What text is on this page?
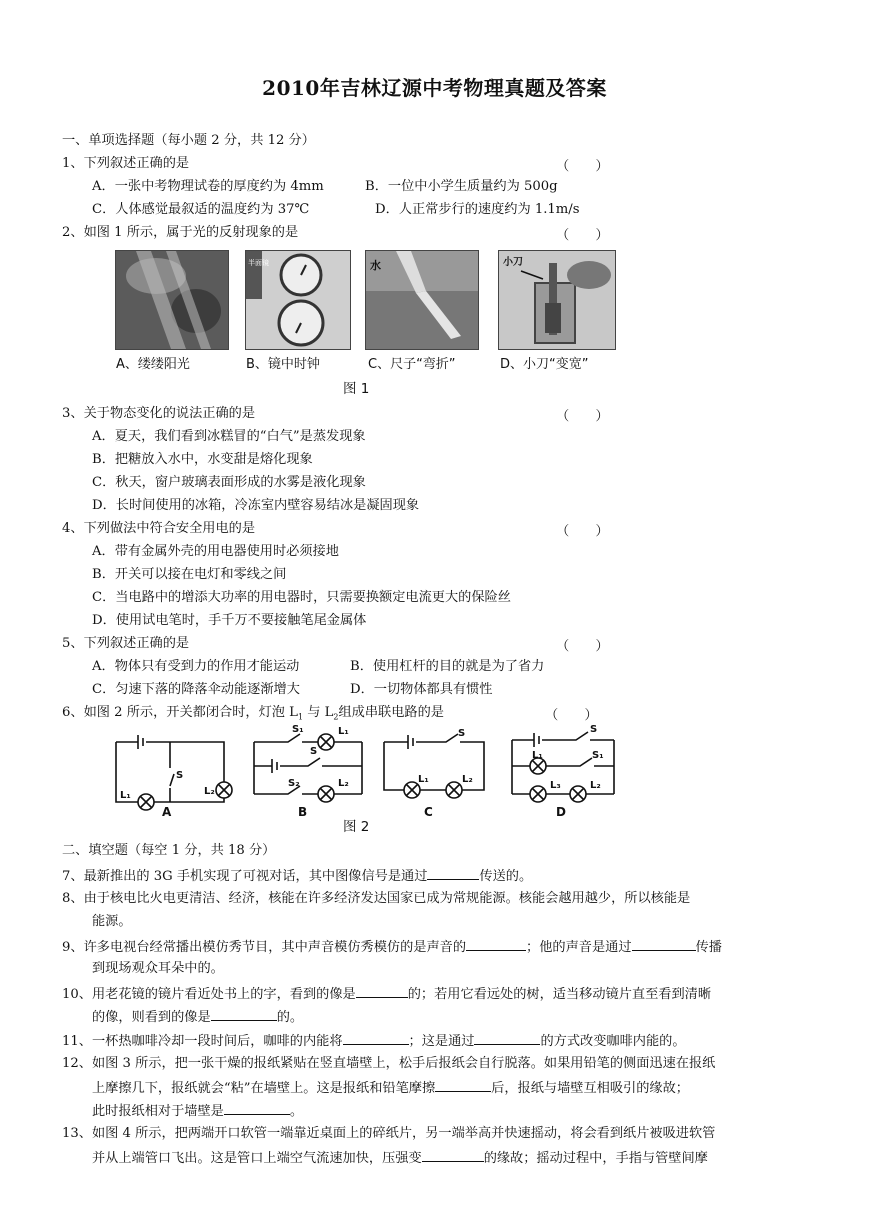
2010年吉林辽源中考物理真题及答案
一、单项选择题（每小题 2 分，共 12 分）
1、下列叙述正确的是	（　　）
A．一张中考物理试卷的厚度约为 4mm	B．一位中小学生质量约为 500g
C．人体感觉最叙适的温度约为 37℃	D．人正常步行的速度约为 1.1m/s
2、如图 1 所示，属于光的反射现象的是	（　　）
半面镜	水	小刀
A、缕缕阳光	B、镜中时钟	C、尺子“弯折”	D、小刀“变宽”
图 1
3、关于物态变化的说法正确的是	（　　）
A．夏天，我们看到冰糕冒的“白气”是蒸发现象
B．把糖放入水中，水变甜是熔化现象
C．秋天，窗户玻璃表面形成的水雾是液化现象
D．长时间使用的冰箱，冷冻室内壁容易结冰是凝固现象
4、下列做法中符合安全用电的是	（　　）
A．带有金属外壳的用电器使用时必须接地
B．开关可以接在电灯和零线之间
C．当电路中的增添大功率的用电器时，只需要换额定电流更大的保险丝
D．使用试电笔时，手千万不要接触笔尾金属体
5、下列叙述正确的是	（　　）
A．物体只有受到力的作用才能运动	B．使用杠杆的目的就是为了省力
C．匀速下落的降落伞动能逐渐增大	D．一切物体都具有惯性
6、如图 2 所示，开关都闭合时，灯泡 $L_1$ 与 $L_2$组成串联电路的是	（　　）
S
L₂
L₁
A
S₁	L₁
S
S₂	L₂
B
S
L₁	L₂
C
S
S₁
L₁
L₃	L₂
D
图 2
二、填空题（每空 1 分，共 18 分）
7、最新推出的 3G 手机实现了可视对话，其中图像信号是通过	传送的。
8、由于核电比火电更清洁、经济，核能在许多经济发达国家已成为常规能源。核能会越用越少，所以核能是
能源。
9、许多电视台经常播出模仿秀节目，其中声音模仿秀模仿的是声音的	；他的声音是通过	传播
到现场观众耳朵中的。
10、用老花镜的镜片看近处书上的字，看到的像是	的；若用它看远处的树，适当移动镜片直至看到清晰
的像，则看到的像是	的。
11、一杯热咖啡冷却一段时间后，咖啡的内能将	；这是通过	的方式改变咖啡内能的。
12、如图 3 所示，把一张干燥的报纸紧贴在竖直墙壁上，松手后报纸会自行脱落。如果用铅笔的侧面迅速在报纸
上摩擦几下，报纸就会“粘”在墙壁上。这是报纸和铅笔摩擦	后，报纸与墙壁互相吸引的缘故；
此时报纸相对于墙壁是	。
13、如图 4 所示，把两端开口软管一端靠近桌面上的碎纸片，另一端举高并快速摇动，将会看到纸片被吸进软管
并从上端管口飞出。这是管口上端空气流速加快，压强变	的缘故；摇动过程中，手指与管壁间摩
